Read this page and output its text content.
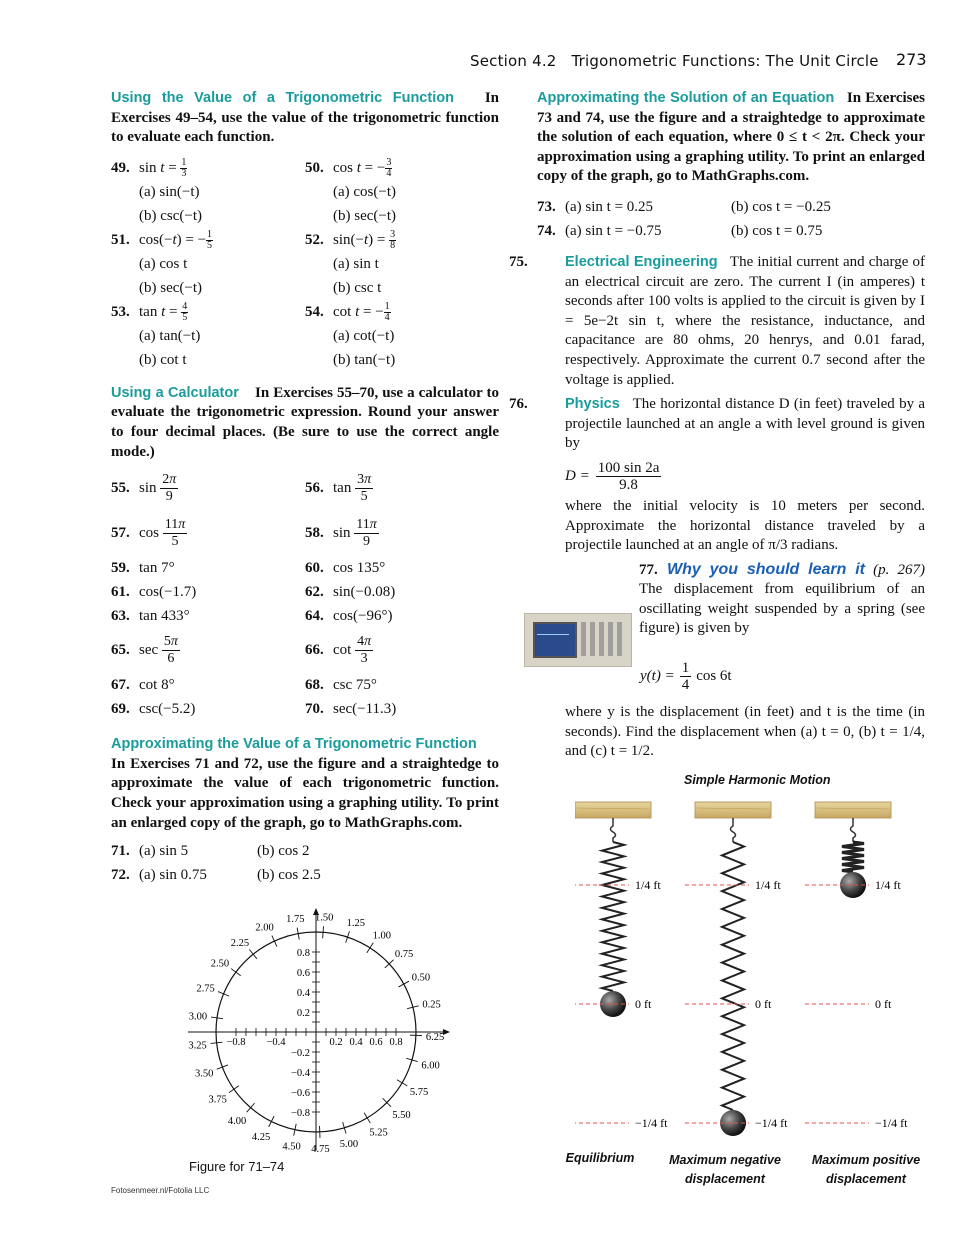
Section 4.2   Trigonometric Functions: The Unit Circle 273

Using the Value of a Trigonometric Function In Exercises 49–54, use the value of the trigonometric function to evaluate each function.

49. $\sin t = \frac{1}{3}$
(a) sin(−t)
(b) csc(−t)
50. cos t = − $\frac{3}{4}$
(a) cos(−t)
(b) sec(−t)
51. cos(−t) = − $\frac{1}{5}$
(a) cos t
(b) sec(−t)
52. $\sin(-t) = \frac{3}{8}$
(a) sin t
(b) csc t
53. $\tan t = \frac{4}{5}$
(a) tan(−t)
(b) cot t
54. cot t = − $\frac{1}{4}$
(a) cot(−t)
(b) tan(−t)

Using a Calculator In Exercises 55–70, use a calculator to evaluate the trigonometric expression. Round your answer to four decimal places. (Be sure to use the correct angle mode.)

55. sin
2π
9
56. tan
3π
5
57. cos
11π
5
58. sin
11π
9
59. tan 7°	60. cos 135°
61. cos(−1.7)	62. sin(−0.08)
63. tan 433°	64. cos(−96°)
65. sec
5π
6
66. cot
4π
3
67. cot 8°	68. csc 75°
69. csc(−5.2)	70. sec(−11.3)

Approximating the Value of a Trigonometric Function

In Exercises 71 and 72, use the figure and a straightedge to approximate the value of each trigonometric function. Check your approximation using a graphing utility. To print an enlarged copy of the graph, go to MathGraphs.com.

71. (a) sin 5	(b) cos 2
72. (a) sin 0.75	(b) cos 2.5
−0.8 −0.4	0.2 0.4 0.6 0.8
0.8
0.6
0.4
0.2
−0.2
−0.4
−0.6
−0.8
0.25
0.50
0.75
1.00
1.25
1.50
1.75
2.00
2.25
2.50
2.75
3.00
3.25
3.50
3.75
4.00
4.25
4.50 4.75 5.00
5.25
5.50
5.75
6.00
6.25
Figure for 71–74
Fotosenmeer.nl/Fotolia LLC

Approximating the Solution of an Equation In Exercises 73 and 74, use the figure and a straightedge to approximate the solution of each equation, where 0 ≤ t < 2π. Check your approximation using a graphing utility. To print an enlarged copy of the graph, go to MathGraphs.com.

73. (a) sin t = 0.25	(b) cos t = −0.25
74. (a) sin t = −0.75	(b) cos t = 0.75

75.	Electrical Engineering The initial current and charge of an electrical circuit are zero. The current I (in amperes) t seconds after 100 volts is applied to the circuit is given by I = 5e−2t sin t, where the resistance, inductance, and capacitance are 80 ohms, 20 henrys, and 0.01 farad, respectively. Approximate the current 0.7 second after the voltage is applied.

76.	Physics The horizontal distance D (in feet) traveled by a projectile launched at an angle a with level ground is given by

$D = \frac{100 \sin 2a}{9.8}$

where the initial velocity is 10 meters per second. Approximate the horizontal distance traveled by a projectile launched at an angle of π/3 radians.

77. Why you should learn it (p. 267) The displacement from equilibrium of an oscillating weight suspended by a spring (see figure) is given by
$y(t) = \frac{1}{4}$ cos 6t

where y is the displacement (in feet) and t is the time (in seconds). Find the displacement when (a) t = 0, (b) t = 1/4, and (c) t = 1/2.

Simple Harmonic Motion
1/4 ft
0 ft
−1/4 ft
1/4 ft
0 ft
−1/4 ft
1/4 ft
0 ft
−1/4 ft
Equilibrium	Maximum negative displacement
Maximum positive displacement
